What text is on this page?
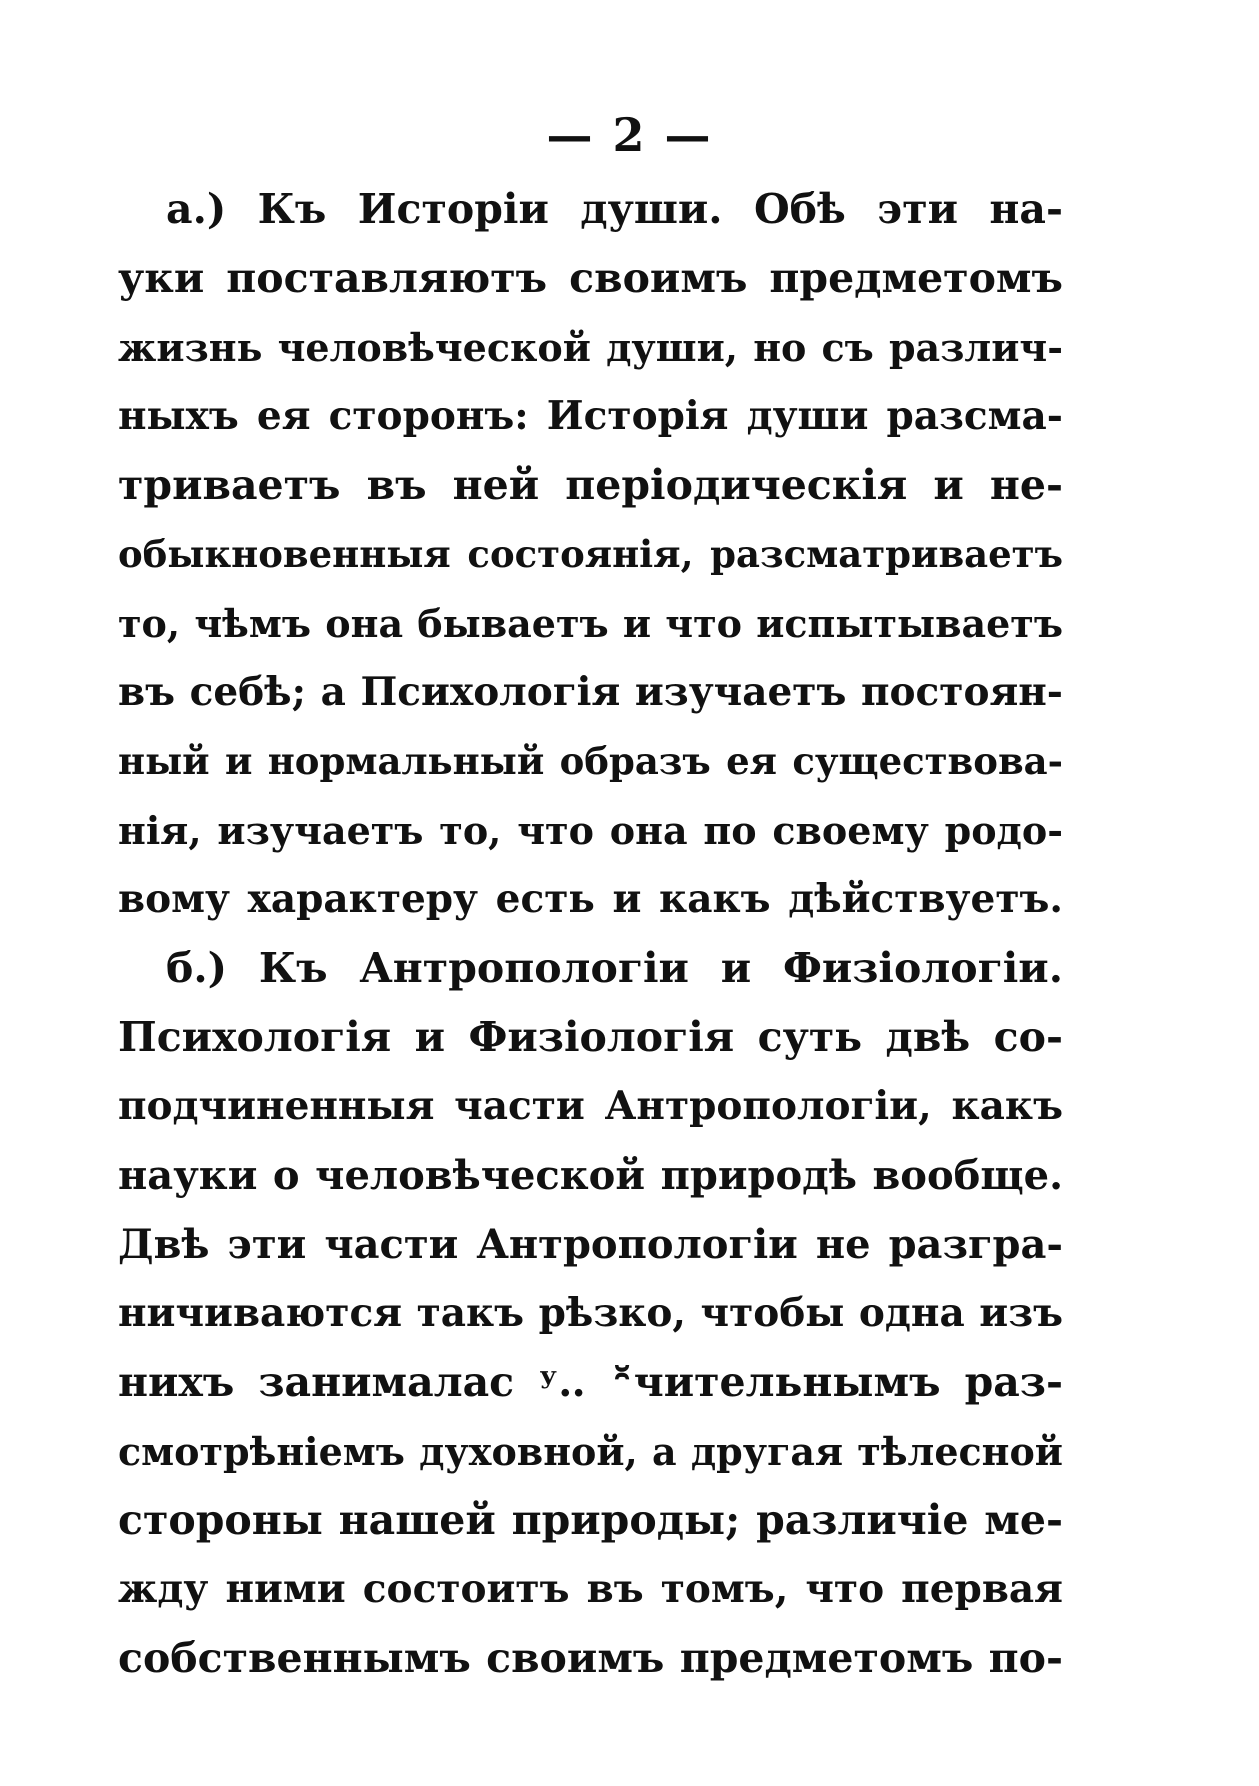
— 2 —
а.) Къ Исторіи души. Обѣ эти на-
уки поставляютъ своимъ предметомъ
жизнь человѣческой души, но съ различ-
ныхъ ея сторонъ: Исторія души разсма-
триваетъ въ ней періодическія и не-
обыкновенныя состоянія, разсматриваетъ
то, чѣмъ она бываетъ и что испытываетъ
въ себѣ; а Психологія изучаетъ постоян-
ный и нормальный образъ ея существова-
нія, изучаетъ то, что она по своему родо-
вому характеру есть и какъ дѣйствуетъ.
б.) Къ Антропологіи и Физіологіи.
Психологія и Физіологія суть двѣ со-
подчиненныя части Антропологіи, какъ
науки о человѣческой природѣ вообще.
Двѣ эти части Антропологіи не разгра-
ничиваются такъ рѣзко, чтобы одна изъ
нихъ занималас ʸ‥ ꭛чительнымъ раз-
смотрѣніемъ духовной, а другая тѣлесной
стороны нашей природы; различіе ме-
жду ними состоитъ въ томъ, что первая
собственнымъ своимъ предметомъ по-
